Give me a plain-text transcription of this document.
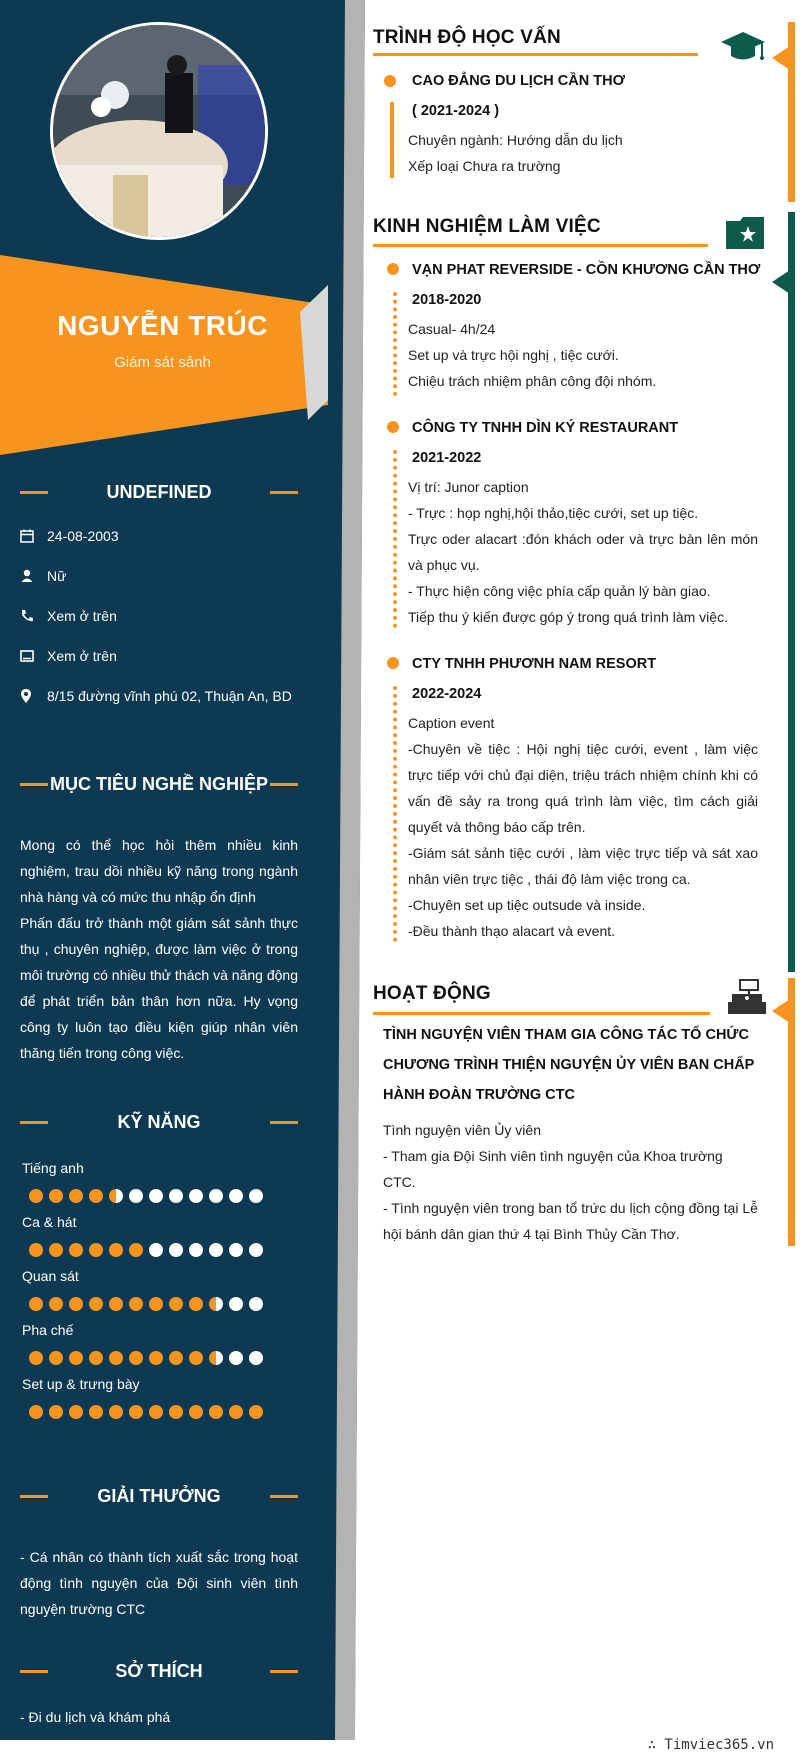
NGUYỄN TRÚC
Giám sát sảnh
UNDEFINED
24-08-2003
Nữ
Xem ở trên
Xem ở trên
8/15 đường vĩnh phú 02, Thuận An, BD
MỤC TIÊU NGHỀ NGHIỆP
Mong có thể học hỏi thêm nhiều kinh nghiệm, trau dồi nhiều kỹ năng trong ngành nhà hàng và có mức thu nhập ổn định
Phấn đấu trở thành một giám sát sảnh thực thụ , chuyên nghiệp, được làm việc ở trong môi trường có nhiều thử thách và năng động để phát triển bản thân hơn nữa. Hy vọng công ty luôn tạo điều kiện giúp nhân viên thăng tiến trong công việc.
KỸ NĂNG
Tiếng anh
Ca & hát
Quan sát
Pha chế
Set up & trưng bày
GIẢI THƯỞNG
- Cá nhân có thành tích xuất sắc trong hoạt động tình nguyện của Đội sinh viên tình nguyện trường CTC
SỞ THÍCH
- Đi du lịch và khám phá
TRÌNH ĐỘ HỌC VẤN
CAO ĐẲNG DU LỊCH CẦN THƠ
( 2021-2024 )
Chuyên ngành: Hướng dẫn du lịch
Xếp loại Chưa ra trường
KINH NGHIỆM LÀM VIỆC
VẠN PHAT REVERSIDE - CỒN KHƯƠNG CẦN THƠ
2018-2020
Casual- 4h/24
Set up và trực hội nghị , tiệc cưới.
Chiệu trách nhiệm phân công đội nhóm.
CÔNG TY TNHH DÌN KÝ RESTAURANT
2021-2022
Vị trí: Junor caption
- Trực : họp nghị,hội thảo,tiệc cưới, set up tiệc.
Trực oder alacart :đón khách oder và trực bàn lên món và phục vụ.
- Thực hiện công việc phía cấp quản lý bàn giao.
Tiếp thu ý kiến được góp ý trong quá trình làm việc.
CTY TNHH PHƯƠNH NAM RESORT
2022-2024
Caption event
-Chuyên về tiệc : Hội nghị tiệc cưới, event , làm việc trực tiếp với chủ đại diện, triệu trách nhiệm chính khi có vấn đề sảy ra trong quá trình làm việc, tìm cách giải quyết và thông báo cấp trên.
-Giám sát sảnh tiệc cưới , làm việc trực tiếp và sát xao nhân viên trực tiệc , thái độ làm việc trong ca.
-Chuyên set up tiệc outsude và inside.
-Đều thành thạo alacart và event.
HOẠT ĐỘNG
TÌNH NGUYỆN VIÊN THAM GIA CÔNG TÁC TỔ CHỨC CHƯƠNG TRÌNH THIỆN NGUYỆN ỦY VIÊN BAN CHẤP HÀNH ĐOÀN TRƯỜNG CTC
Tình nguyện viên Ủy viên
- Tham gia Đội Sinh viên tình nguyện của Khoa trường CTC.
- Tình nguyện viên trong ban tổ trức du lịch cộng đồng tại Lễ hội bánh dân gian thứ 4 tại Bình Thủy Cần Thơ.
∴ Timviec365.vn
